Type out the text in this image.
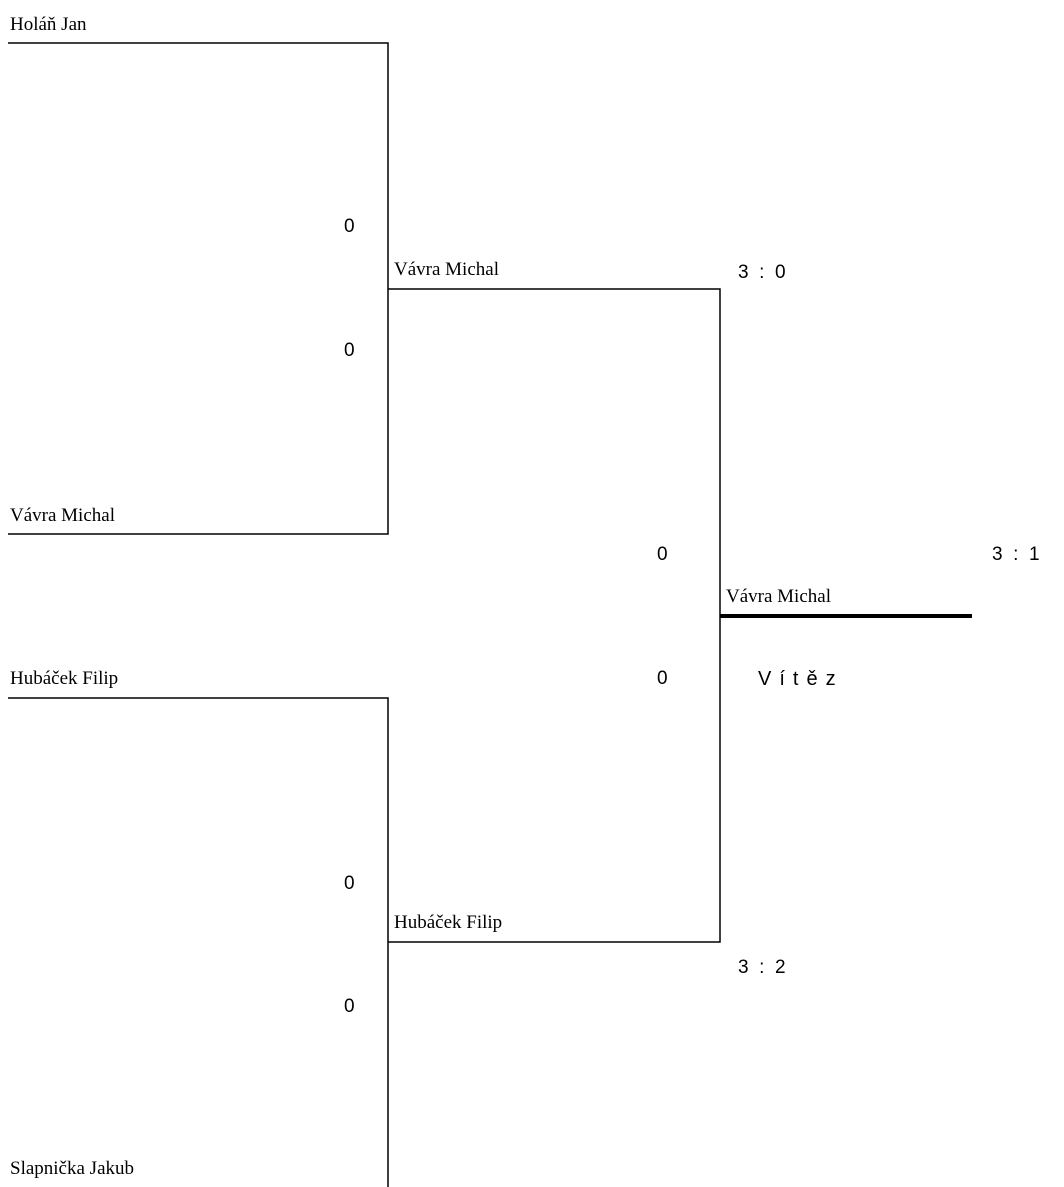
Holáň Jan
Vávra Michal
Hubáček Filip
Slapnička Jakub
0
0
0
0
Vávra Michal
Hubáček Filip
3  :  0
3  :  2
0
0
Vávra Michal
3  :  1
Vítěz
